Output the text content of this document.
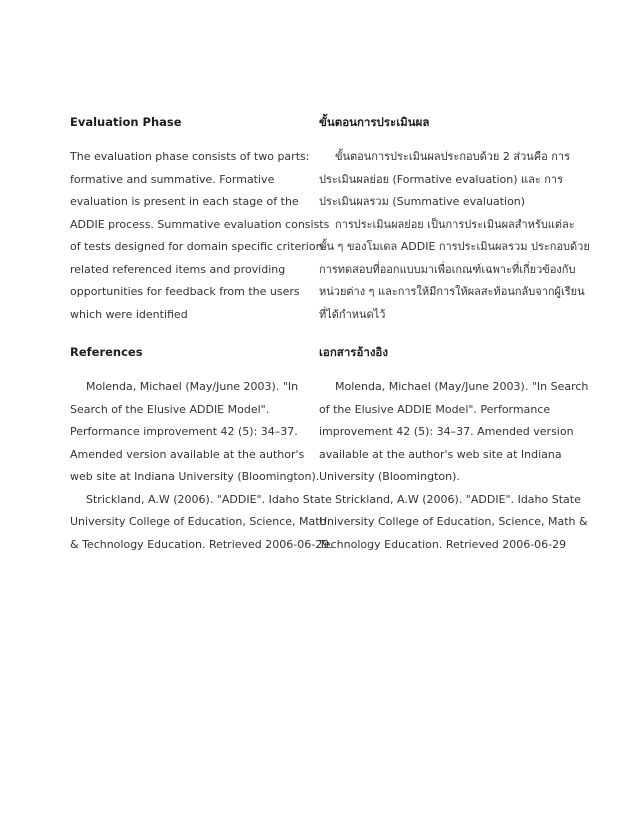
Evaluation Phase
The evaluation phase consists of two parts:
formative and summative. Formative
evaluation is present in each stage of the
ADDIE process. Summative evaluation consists
of tests designed for domain specific criterion-
related referenced items and providing
opportunities for feedback from the users
which were identified
References
Molenda, Michael (May/June 2003). "In
Search of the Elusive ADDIE Model".
Performance improvement 42 (5): 34–37.
Amended version available at the author's
web site at Indiana University (Bloomington).
Strickland, A.W (2006). "ADDIE". Idaho State
University College of Education, Science, Math
& Technology Education. Retrieved 2006-06-29.
ขั้นตอนการประเมินผล
ขั้นตอนการประเมินผลประกอบด้วย 2 ส่วนคือ การ
ประเมินผลย่อย (Formative evaluation) และ การ
ประเมินผลรวม (Summative evaluation)
การประเมินผลย่อย เป็นการประเมินผลสำหรับแต่ละ
ขั้น ๆ ของโมเดล ADDIE การประเมินผลรวม ประกอบด้วย
การทดสอบที่ออกแบบมาเพื่อเกณฑ์เฉพาะที่เกี่ยวข้องกับ
หน่วยต่าง ๆ และการให้มีการให้ผลสะท้อนกลับจากผู้เรียน
ที่ได้กำหนดไว้
เอกสารอ้างอิง
Molenda, Michael (May/June 2003). "In Search
of the Elusive ADDIE Model". Performance
improvement 42 (5): 34–37. Amended version
available at the author's web site at Indiana
University (Bloomington).
Strickland, A.W (2006). "ADDIE". Idaho State
University College of Education, Science, Math &
Technology Education. Retrieved 2006-06-29
